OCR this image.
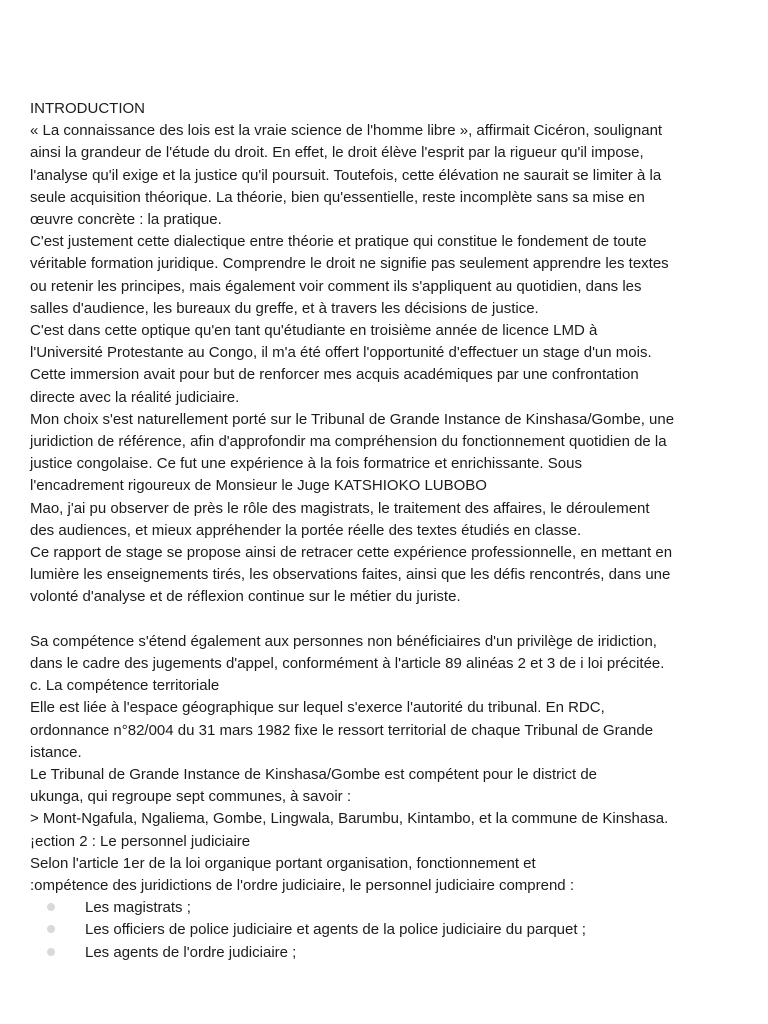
INTRODUCTION
« La connaissance des lois est la vraie science de l'homme libre », affirmait Cicéron, soulignant
ainsi la grandeur de l'étude du droit. En effet, le droit élève l'esprit par la rigueur qu'il impose,
l'analyse qu'il exige et la justice qu'il poursuit. Toutefois, cette élévation ne saurait se limiter à la
seule acquisition théorique. La théorie, bien qu'essentielle, reste incomplète sans sa mise en
œuvre concrète : la pratique.
C'est justement cette dialectique entre théorie et pratique qui constitue le fondement de toute
véritable formation juridique. Comprendre le droit ne signifie pas seulement apprendre les textes
ou retenir les principes, mais également voir comment ils s'appliquent au quotidien, dans les
salles d'audience, les bureaux du greffe, et à travers les décisions de justice.
C'est dans cette optique qu'en tant qu'étudiante en troisième année de licence LMD à
l'Université Protestante au Congo, il m'a été offert l'opportunité d'effectuer un stage d'un mois.
Cette immersion avait pour but de renforcer mes acquis académiques par une confrontation
directe avec la réalité judiciaire.
Mon choix s'est naturellement porté sur le Tribunal de Grande Instance de Kinshasa/Gombe, une
juridiction de référence, afin d'approfondir ma compréhension du fonctionnement quotidien de la
justice congolaise. Ce fut une expérience à la fois formatrice et enrichissante. Sous
l'encadrement rigoureux de Monsieur le Juge KATSHIOKO LUBOBO
Mao, j'ai pu observer de près le rôle des magistrats, le traitement des affaires, le déroulement
des audiences, et mieux appréhender la portée réelle des textes étudiés en classe.
Ce rapport de stage se propose ainsi de retracer cette expérience professionnelle, en mettant en
lumière les enseignements tirés, les observations faites, ainsi que les défis rencontrés, dans une
volonté d'analyse et de réflexion continue sur le métier du juriste.
Sa compétence s'étend également aux personnes non bénéficiaires d'un privilège de iridiction,
dans le cadre des jugements d'appel, conformément à l'article 89 alinéas 2 et 3 de i loi précitée.
c. La compétence territoriale
Elle est liée à l'espace géographique sur lequel s'exerce l'autorité du tribunal. En RDC,
ordonnance n°82/004 du 31 mars 1982 fixe le ressort territorial de chaque Tribunal de Grande
istance.
Le Tribunal de Grande Instance de Kinshasa/Gombe est compétent pour le district de
ukunga, qui regroupe sept communes, à savoir :
> Mont-Ngafula, Ngaliema, Gombe, Lingwala, Barumbu, Kintambo, et la commune de Kinshasa.
¡ection 2 : Le personnel judiciaire
Selon l'article 1er de la loi organique portant organisation, fonctionnement et
:ompétence des juridictions de l'ordre judiciaire, le personnel judiciaire comprend :
Les magistrats ;
Les officiers de police judiciaire et agents de la police judiciaire du parquet ;
Les agents de l'ordre judiciaire ;
